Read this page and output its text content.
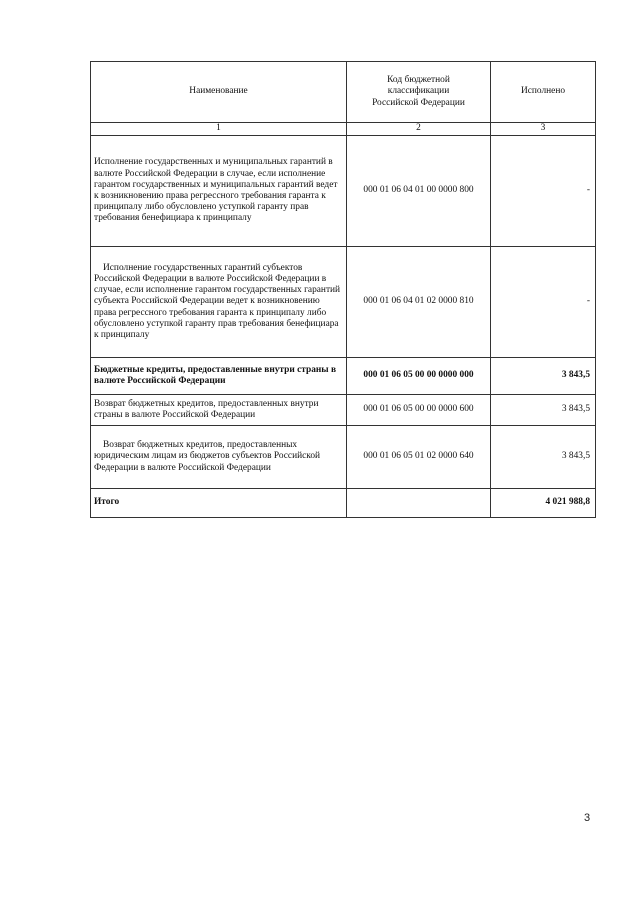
Наименование	Код бюджетной классификации Российской Федерации	Исполнено
1	2	3
Исполнение государственных и муниципальных гарантий в валюте Российской Федерации в случае, если исполнение гарантом государственных и муниципальных гарантий ведет к возникновению права регрессного требования гаранта к принципалу либо обусловлено уступкой гаранту прав требования бенефициара к принципалу	000 01 06 04 01 00 0000 800	-
Исполнение государственных гарантий субъектов Российской Федерации в валюте Российской Федерации в случае, если исполнение гарантом государственных гарантий субъекта Российской Федерации ведет к возникновению права регрессного требования гаранта к принципалу либо обусловлено уступкой гаранту прав требования бенефициара к принципалу	000 01 06 04 01 02 0000 810	-
Бюджетные кредиты, предоставленные внутри страны в валюте Российской Федерации	000 01 06 05 00 00 0000 000	3 843,5
Возврат бюджетных кредитов, предоставленных внутри страны в валюте Российской Федерации	000 01 06 05 00 00 0000 600	3 843,5
Возврат бюджетных кредитов, предоставленных юридическим лицам из бюджетов субъектов Российской Федерации в валюте Российской Федерации	000 01 06 05 01 02 0000 640	3 843,5
Итого		4 021 988,8
3
